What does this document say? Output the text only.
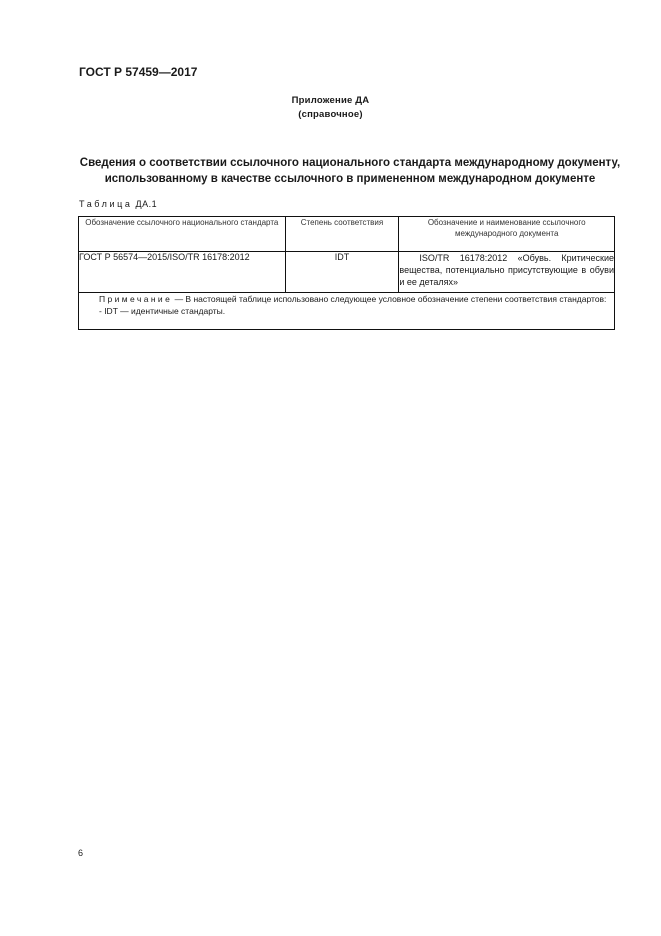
ГОСТ Р 57459—2017
Приложение ДА
(справочное)
Сведения о соответствии ссылочного национального стандарта международному документу,
использованному в качестве ссылочного в примененном международном документе
Таблица ДА.1
Обозначение ссылочного национального стандарта	Степень соответствия	Обозначение и наименование ссылочного международного документа
ГОСТ Р 56574—2015/ISO/TR 16178:2012	IDT	ISO/TR 16178:2012 «Обувь. Критические вещества, потенциально присутствующие в обуви и ее деталях»

Примечание — В настоящей таблице использовано следующее условное обозначение степени соответствия стандартов:
- IDT — идентичные стандарты.		
6
